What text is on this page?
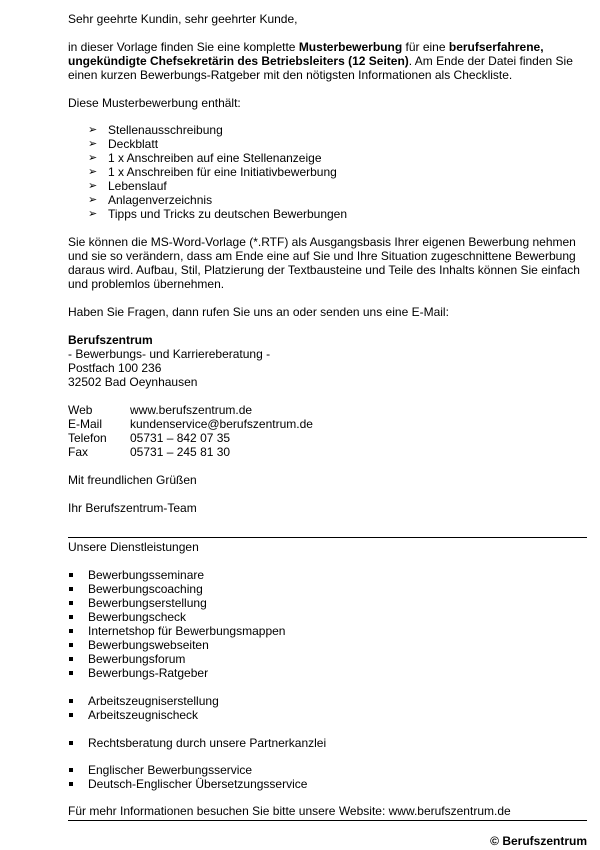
Sehr geehrte Kundin, sehr geehrter Kunde,

in dieser Vorlage finden Sie eine komplette Musterbewerbung für eine berufserfahrene, ungekündigte Chefsekretärin des Betriebsleiters (12 Seiten). Am Ende der Datei finden Sie einen kurzen Bewerbungs-Ratgeber mit den nötigsten Informationen als Checkliste.

Diese Musterbewerbung enthält:

➢ Stellenausschreibung
➢ Deckblatt
➢ 1 x Anschreiben auf eine Stellenanzeige
➢ 1 x Anschreiben für eine Initiativbewerbung
➢ Lebenslauf
➢ Anlagenverzeichnis
➢ Tipps und Tricks zu deutschen Bewerbungen

Sie können die MS-Word-Vorlage (*.RTF) als Ausgangsbasis Ihrer eigenen Bewerbung nehmen und sie so verändern, dass am Ende eine auf Sie und Ihre Situation zugeschnittene Bewerbung daraus wird. Aufbau, Stil, Platzierung der Textbausteine und Teile des Inhalts können Sie einfach und problemlos übernehmen.

Haben Sie Fragen, dann rufen Sie uns an oder senden uns eine E-Mail:

Berufszentrum

- Bewerbungs- und Karriereberatung -

Postfach 100 236

32502 Bad Oeynhausen

Web	www.berufszentrum.de
E-Mail	kundenservice@berufszentrum.de
Telefon	05731 – 842 07 35
Fax	05731 – 245 81 30

Mit freundlichen Grüßen

Ihr Berufszentrum-Team

Unsere Dienstleistungen

Bewerbungsseminare
Bewerbungscoaching
Bewerbungserstellung
Bewerbungscheck
Internetshop für Bewerbungsmappen
Bewerbungswebseiten
Bewerbungsforum
Bewerbungs-Ratgeber
Arbeitszeugniserstellung
Arbeitszeugnischeck
Rechtsberatung durch unsere Partnerkanzlei
Englischer Bewerbungsservice
Deutsch-Englischer Übersetzungsservice

Für mehr Informationen besuchen Sie bitte unsere Website: www.berufszentrum.de

© Berufszentrum
